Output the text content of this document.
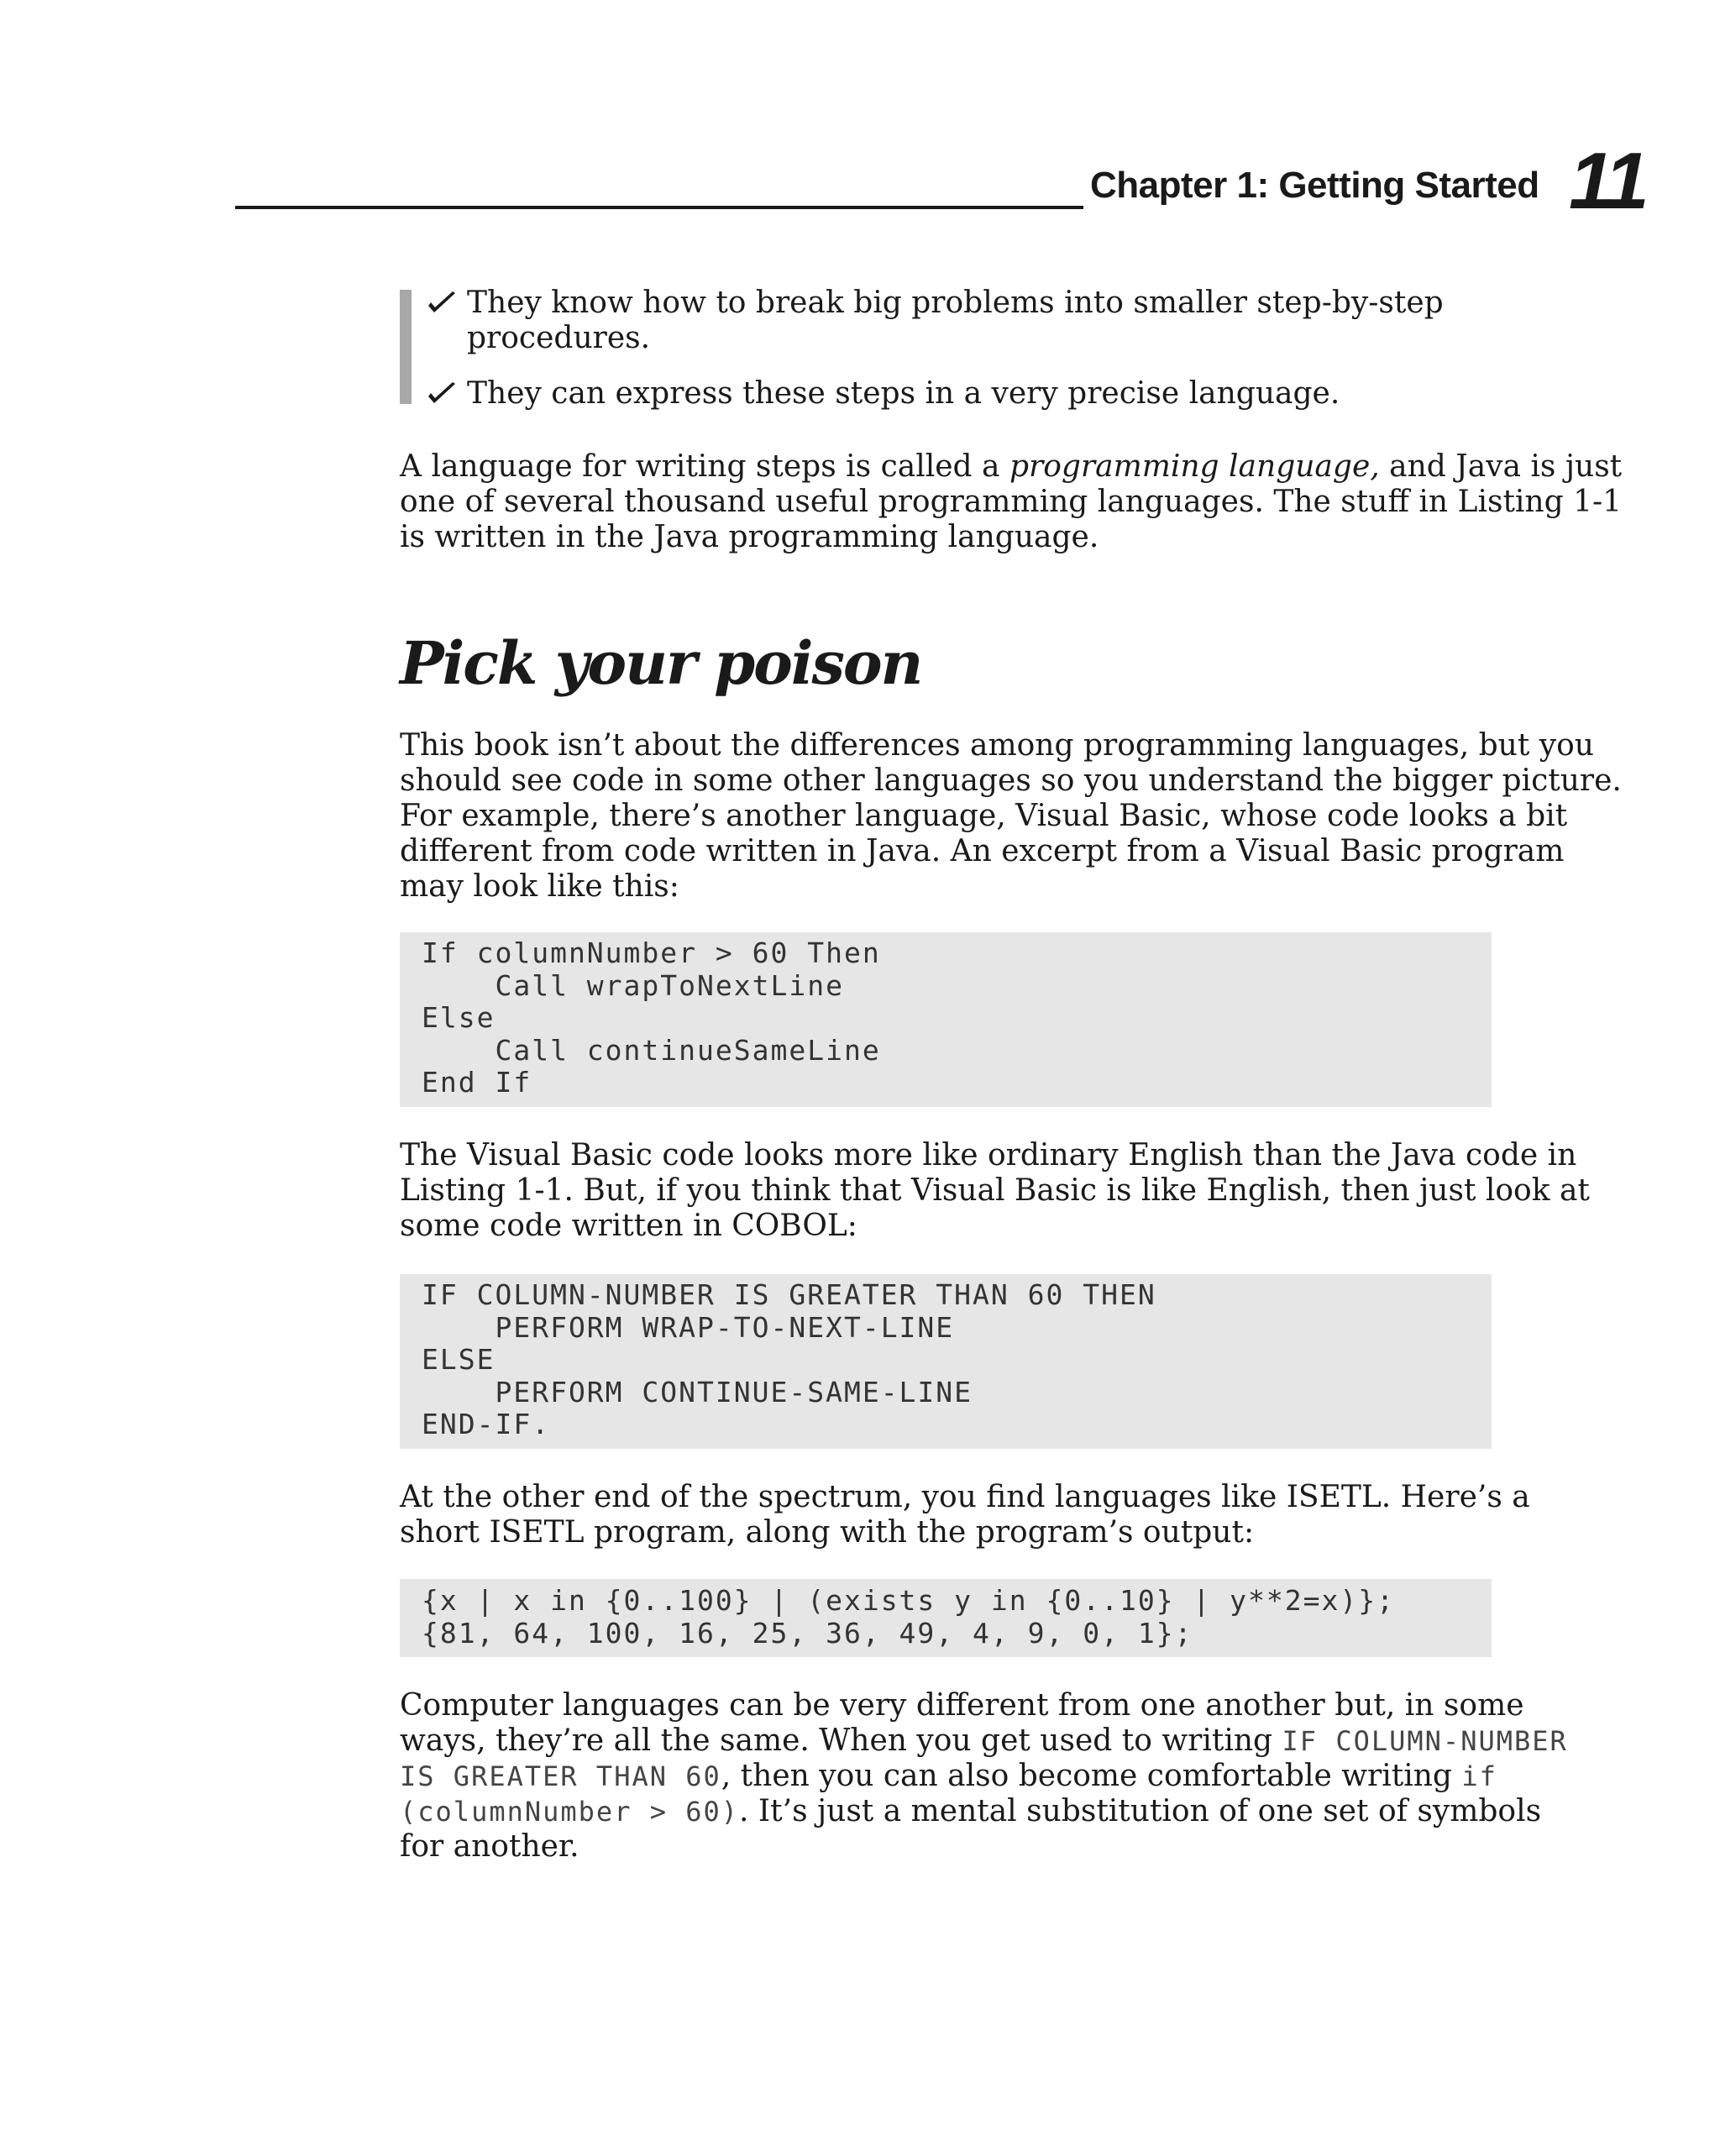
Chapter 1: Getting Started 11
They know how to break big problems into smaller step-by-step
procedures.
They can express these steps in a very precise language.

A language for writing steps is called a programming language, and Java is just
one of several thousand useful programming languages. The stuff in Listing 1-1
is written in the Java programming language.

Pick your poison

This book isn’t about the differences among programming languages, but you
should see code in some other languages so you understand the bigger picture.
For example, there’s another language, Visual Basic, whose code looks a bit
different from code written in Java. An excerpt from a Visual Basic program
may look like this:

If columnNumber > 60 Then
Call wrapToNextLine
Else
Call continueSameLine
End If

The Visual Basic code looks more like ordinary English than the Java code in
Listing 1-1. But, if you think that Visual Basic is like English, then just look at
some code written in COBOL:

IF COLUMN-NUMBER IS GREATER THAN 60 THEN
PERFORM WRAP-TO-NEXT-LINE
ELSE
PERFORM CONTINUE-SAME-LINE
END-IF.

At the other end of the spectrum, you find languages like ISETL. Here’s a
short ISETL program, along with the program’s output:

{x | x in {0..100} | (exists y in {0..10} | y**2=x)};
{81, 64, 100, 16, 25, 36, 49, 4, 9, 0, 1};

Computer languages can be very different from one another but, in some
ways, they’re all the same. When you get used to writing IF COLUMN-NUMBER
IS GREATER THAN 60, then you can also become comfortable writing if
(columnNumber > 60). It’s just a mental substitution of one set of symbols
for another.
